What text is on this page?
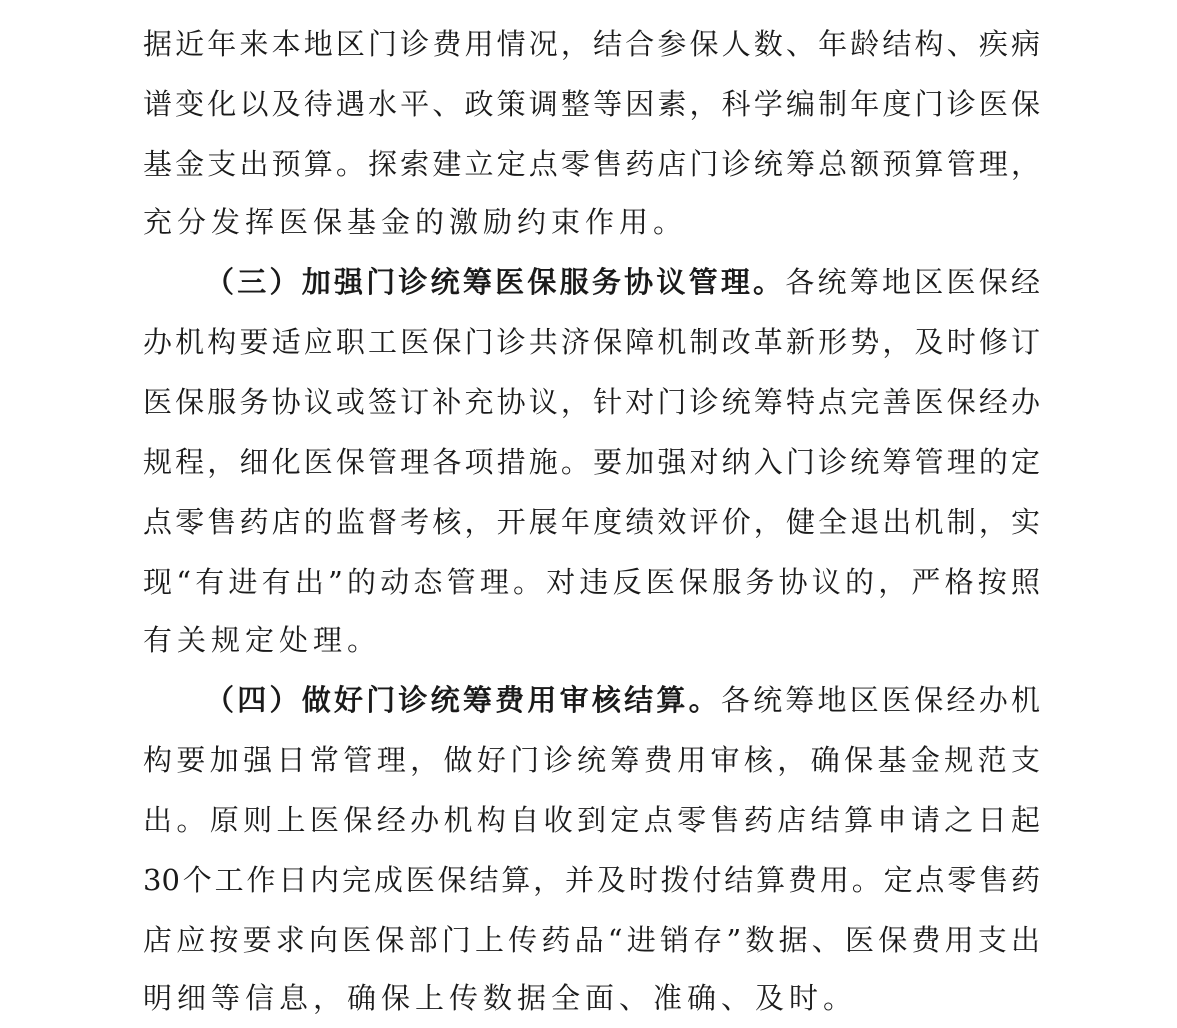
据近年来本地区门诊费用情况，结合参保人数、年龄结构、疾病
谱变化以及待遇水平、政策调整等因素，科学编制年度门诊医保
基金支出预算。探索建立定点零售药店门诊统筹总额预算管理，
充分发挥医保基金的激励约束作用。
（三）加强门诊统筹医保服务协议管理。各统筹地区医保经
办机构要适应职工医保门诊共济保障机制改革新形势，及时修订
医保服务协议或签订补充协议，针对门诊统筹特点完善医保经办
规程，细化医保管理各项措施。要加强对纳入门诊统筹管理的定
点零售药店的监督考核，开展年度绩效评价，健全退出机制，实
现“有进有出”的动态管理。对违反医保服务协议的，严格按照
有关规定处理。
（四）做好门诊统筹费用审核结算。各统筹地区医保经办机
构要加强日常管理，做好门诊统筹费用审核，确保基金规范支
出。原则上医保经办机构自收到定点零售药店结算申请之日起
30个工作日内完成医保结算，并及时拨付结算费用。定点零售药
店应按要求向医保部门上传药品“进销存”数据、医保费用支出
明细等信息，确保上传数据全面、准确、及时。
